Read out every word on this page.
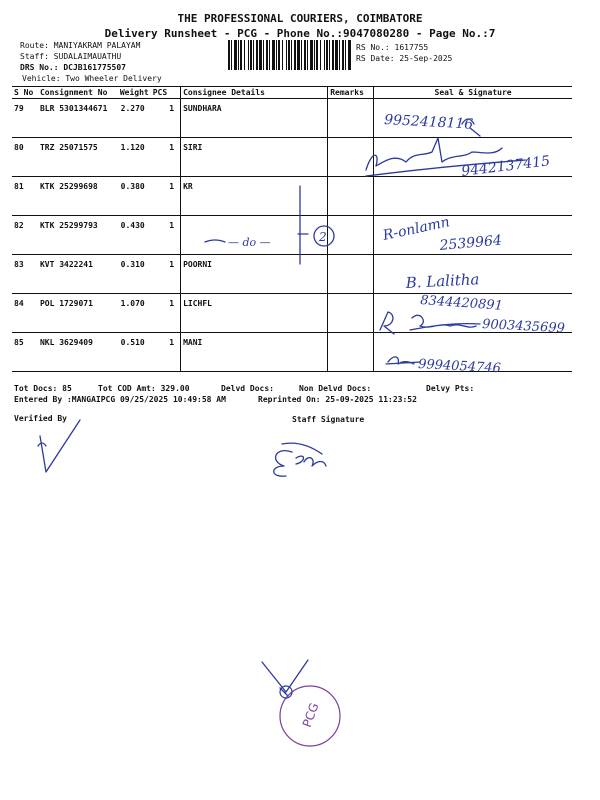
THE PROFESSIONAL COURIERS, COIMBATORE
Delivery Runsheet - PCG - Phone No.:9047080280 - Page No.:7
Route: MANIYAKRAM PALAYAM
Staff: SUDALAIMAUATHU
DRS No.: DCJB161775507
Vehicle: Two Wheeler Delivery
RS No.: 1617755
RS Date: 25-Sep-2025
S No	Consignment No	Weight	PCS	Consignee Details	Remarks	Seal & Signature
79	BLR 5301344671	2.270	1	SUNDHARA		
80	TRZ 25071575	1.120	1	SIRI		
81	KTK 25299698	0.380	1	KR		
82	KTK 25299793	0.430	1			
83	KVT 3422241	0.310	1	POORNI		
84	POL 1729071	1.070	1	LICHFL		
85	NKL 3629409	0.510	1	MANI		
Tot Docs: 85	Tot COD Amt: 329.00	Delvd Docs:	Non Delvd Docs:	Delvy Pts:
Entered By :MANGAIPCG 09/25/2025 10:49:58 AM	Reprinted On: 25-09-2025 11:23:52
Verified By	Staff Signature
9952418116
9442137415
— do —	2	R-onlamn
2539964
B. Lalitha
8344420891
9003435699
9994054746
PCG
